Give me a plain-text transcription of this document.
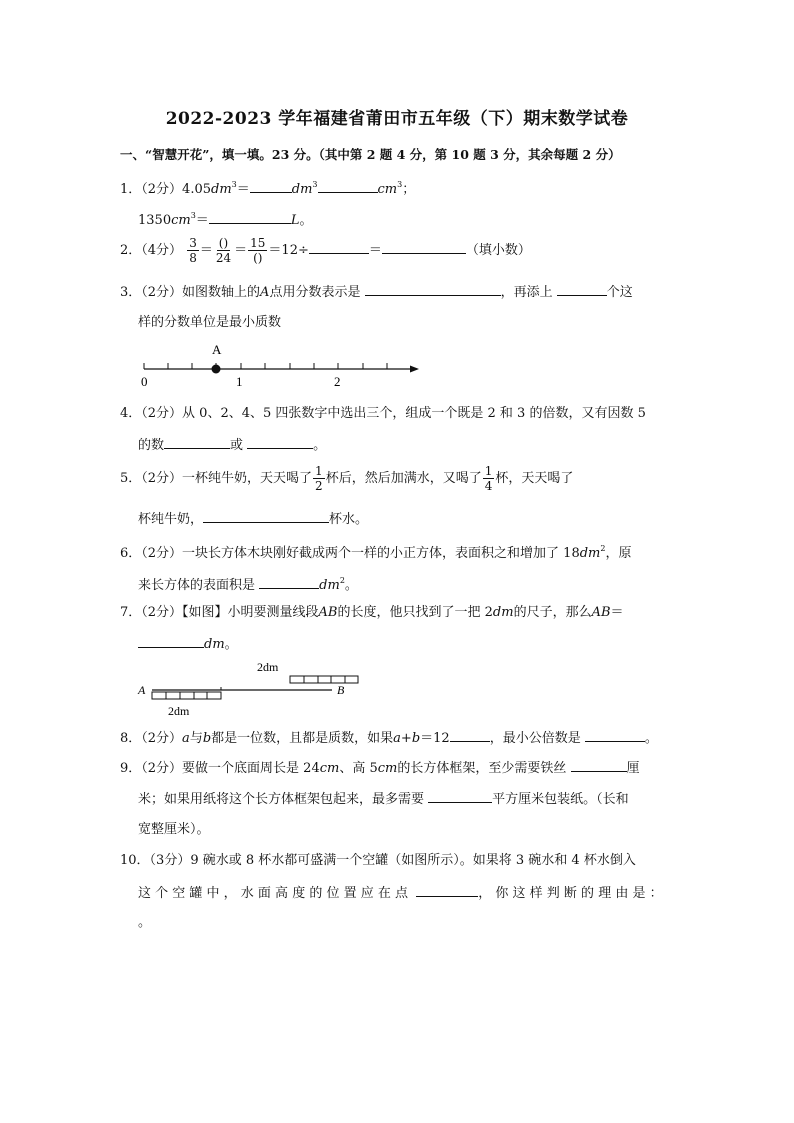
2022-2023 学年福建省莆田市五年级（下）期末数学试卷
一、“智慧开花”，填一填。23 分。（其中第 2 题 4 分，第 10 题 3 分，其余每题 2 分）
1．（2分）$4.05dm^3=$	$dm^3$	$cm^3$；
$1350cm^3=$	L。
2．（4分） $\frac{3}{8} = \frac{()}{24} = \frac{15}{()} =12\div$	＝	（填小数）
3．（2分）如图数轴上的A点用分数表示是	，再添上	个这
样的分数单位是最小质数
A
0	1	2
4．（2分）从 0、2、4、5 四张数字中选出三个，组成一个既是 2 和 3 的倍数，又有因数 5
的数	或	。
5．（2分）一杯纯牛奶，天天喝了 $\frac{1}{2}$ 杯后，然后加满水，又喝了 $\frac{1}{4}$ 杯，天天喝了
杯纯牛奶，	杯水。
6．（2分）一块长方体木块刚好截成两个一样的小正方体，表面积之和增加了 $18dm^2$，原
来长方体的表面积是	$dm^2$。
7．（2分）【如图】小明要测量线段AB的长度，他只找到了一把 2dm的尺子，那么AB＝
dm。
2dm
A	B
2dm
8．（2分）a与b都是一位数，且都是质数，如果a+b＝12	，最小公倍数是	。
9．（2分）要做一个底面周长是 24cm、高 5cm的长方体框架，至少需要铁丝	厘
米；如果用纸将这个长方体框架包起来，最多需要	平方厘米包装纸。（长和
宽整厘米）。
10．（3分）9 碗水或 8 杯水都可盛满一个空罐（如图所示）。如果将 3 碗水和 4 杯水倒入
这 个 空 罐 中 ， 水 面 高 度 的 位 置 应 在 点	， 你 这 样 判 断 的 理 由 是 ：
。
